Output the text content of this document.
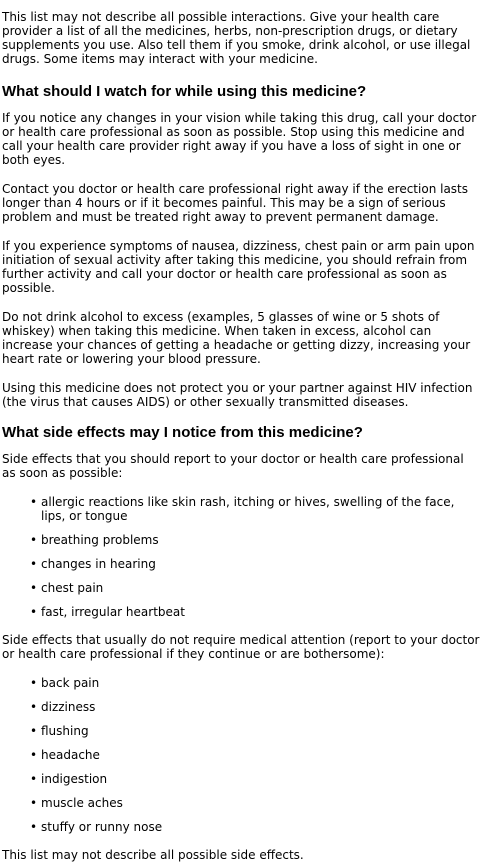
This list may not describe all possible interactions. Give your health care provider a list of all the medicines, herbs, non-prescription drugs, or dietary supplements you use. Also tell them if you smoke, drink alcohol, or use illegal drugs. Some items may interact with your medicine.

What should I watch for while using this medicine?

If you notice any changes in your vision while taking this drug, call your doctor or health care professional as soon as possible. Stop using this medicine and call your health care provider right away if you have a loss of sight in one or both eyes.

Contact you doctor or health care professional right away if the erection lasts longer than 4 hours or if it becomes painful. This may be a sign of serious problem and must be treated right away to prevent permanent damage.

If you experience symptoms of nausea, dizziness, chest pain or arm pain upon initiation of sexual activity after taking this medicine, you should refrain from further activity and call your doctor or health care professional as soon as possible.

Do not drink alcohol to excess (examples, 5 glasses of wine or 5 shots of whiskey) when taking this medicine. When taken in excess, alcohol can increase your chances of getting a headache or getting dizzy, increasing your heart rate or lowering your blood pressure.

Using this medicine does not protect you or your partner against HIV infection (the virus that causes AIDS) or other sexually transmitted diseases.

What side effects may I notice from this medicine?

Side effects that you should report to your doctor or health care professional as soon as possible:

• allergic reactions like skin rash, itching or hives, swelling of the face, lips, or tongue
• breathing problems
• changes in hearing
• chest pain
• fast, irregular heartbeat

Side effects that usually do not require medical attention (report to your doctor or health care professional if they continue or are bothersome):

• back pain
• dizziness
• flushing
• headache
• indigestion
• muscle aches
• stuffy or runny nose

This list may not describe all possible side effects.
